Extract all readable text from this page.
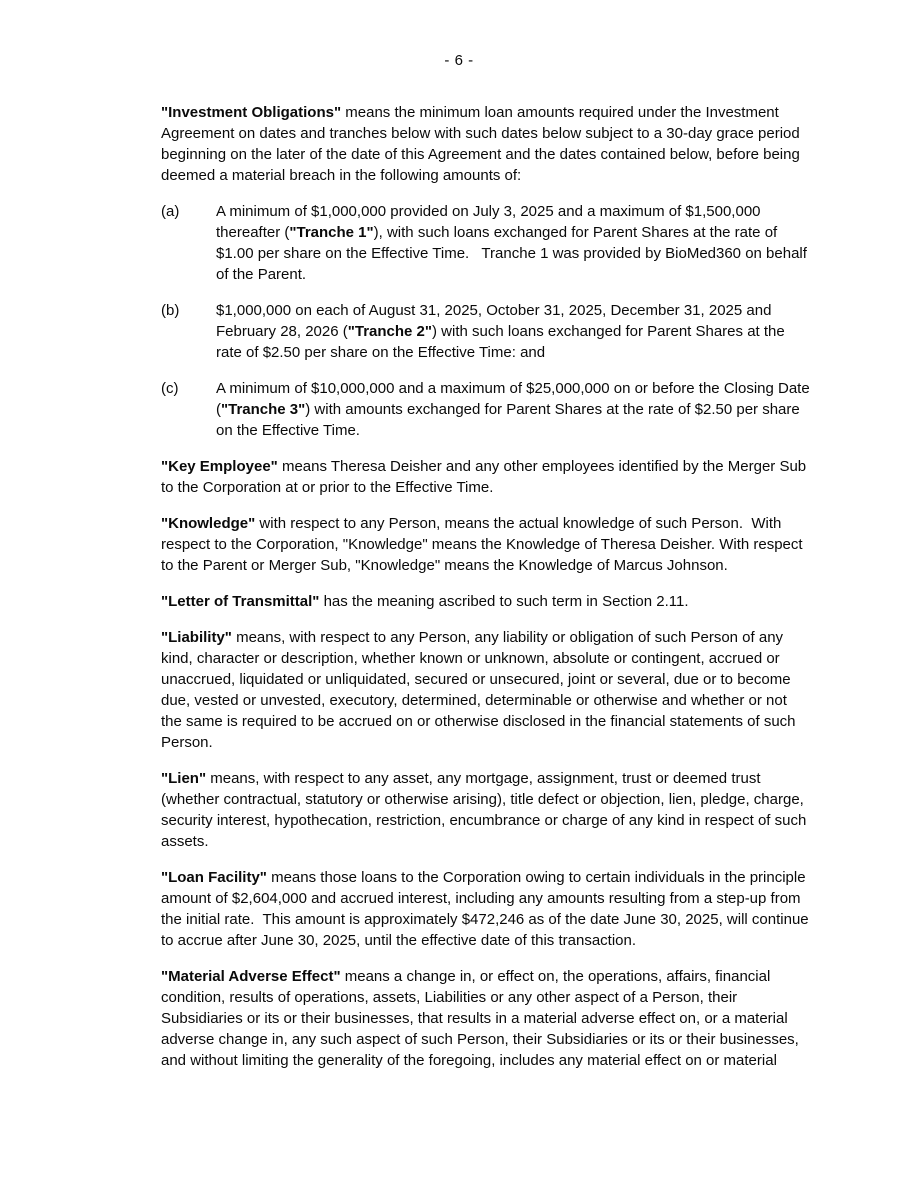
- 6 -

"Investment Obligations" means the minimum loan amounts required under the Investment Agreement on dates and tranches below with such dates below subject to a 30-day grace period beginning on the later of the date of this Agreement and the dates contained below, before being deemed a material breach in the following amounts of:

(a)	A minimum of $1,000,000 provided on July 3, 2025 and a maximum of $1,500,000 thereafter ("Tranche 1"), with such loans exchanged for Parent Shares at the rate of $1.00 per share on the Effective Time.   Tranche 1 was provided by BioMed360 on behalf of the Parent.
(b)	$1,000,000 on each of August 31, 2025, October 31, 2025, December 31, 2025 and February 28, 2026 ("Tranche 2") with such loans exchanged for Parent Shares at the rate of $2.50 per share on the Effective Time: and
(c)	A minimum of $10,000,000 and a maximum of $25,000,000 on or before the Closing Date ("Tranche 3") with amounts exchanged for Parent Shares at the rate of $2.50 per share on the Effective Time.

"Key Employee" means Theresa Deisher and any other employees identified by the Merger Sub to the Corporation at or prior to the Effective Time.

"Knowledge" with respect to any Person, means the actual knowledge of such Person.  With respect to the Corporation, "Knowledge" means the Knowledge of Theresa Deisher. With respect to the Parent or Merger Sub, "Knowledge" means the Knowledge of Marcus Johnson.

"Letter of Transmittal" has the meaning ascribed to such term in Section 2.11.

"Liability" means, with respect to any Person, any liability or obligation of such Person of any kind, character or description, whether known or unknown, absolute or contingent, accrued or unaccrued, liquidated or unliquidated, secured or unsecured, joint or several, due or to become due, vested or unvested, executory, determined, determinable or otherwise and whether or not the same is required to be accrued on or otherwise disclosed in the financial statements of such Person.

"Lien" means, with respect to any asset, any mortgage, assignment, trust or deemed trust (whether contractual, statutory or otherwise arising), title defect or objection, lien, pledge, charge, security interest, hypothecation, restriction, encumbrance or charge of any kind in respect of such assets.

"Loan Facility" means those loans to the Corporation owing to certain individuals in the principle amount of $2,604,000 and accrued interest, including any amounts resulting from a step-up from the initial rate.  This amount is approximately $472,246 as of the date June 30, 2025, will continue to accrue after June 30, 2025, until the effective date of this transaction.

"Material Adverse Effect" means a change in, or effect on, the operations, affairs, financial condition, results of operations, assets, Liabilities or any other aspect of a Person, their Subsidiaries or its or their businesses, that results in a material adverse effect on, or a material adverse change in, any such aspect of such Person, their Subsidiaries or its or their businesses, and without limiting the generality of the foregoing, includes any material effect on or material
